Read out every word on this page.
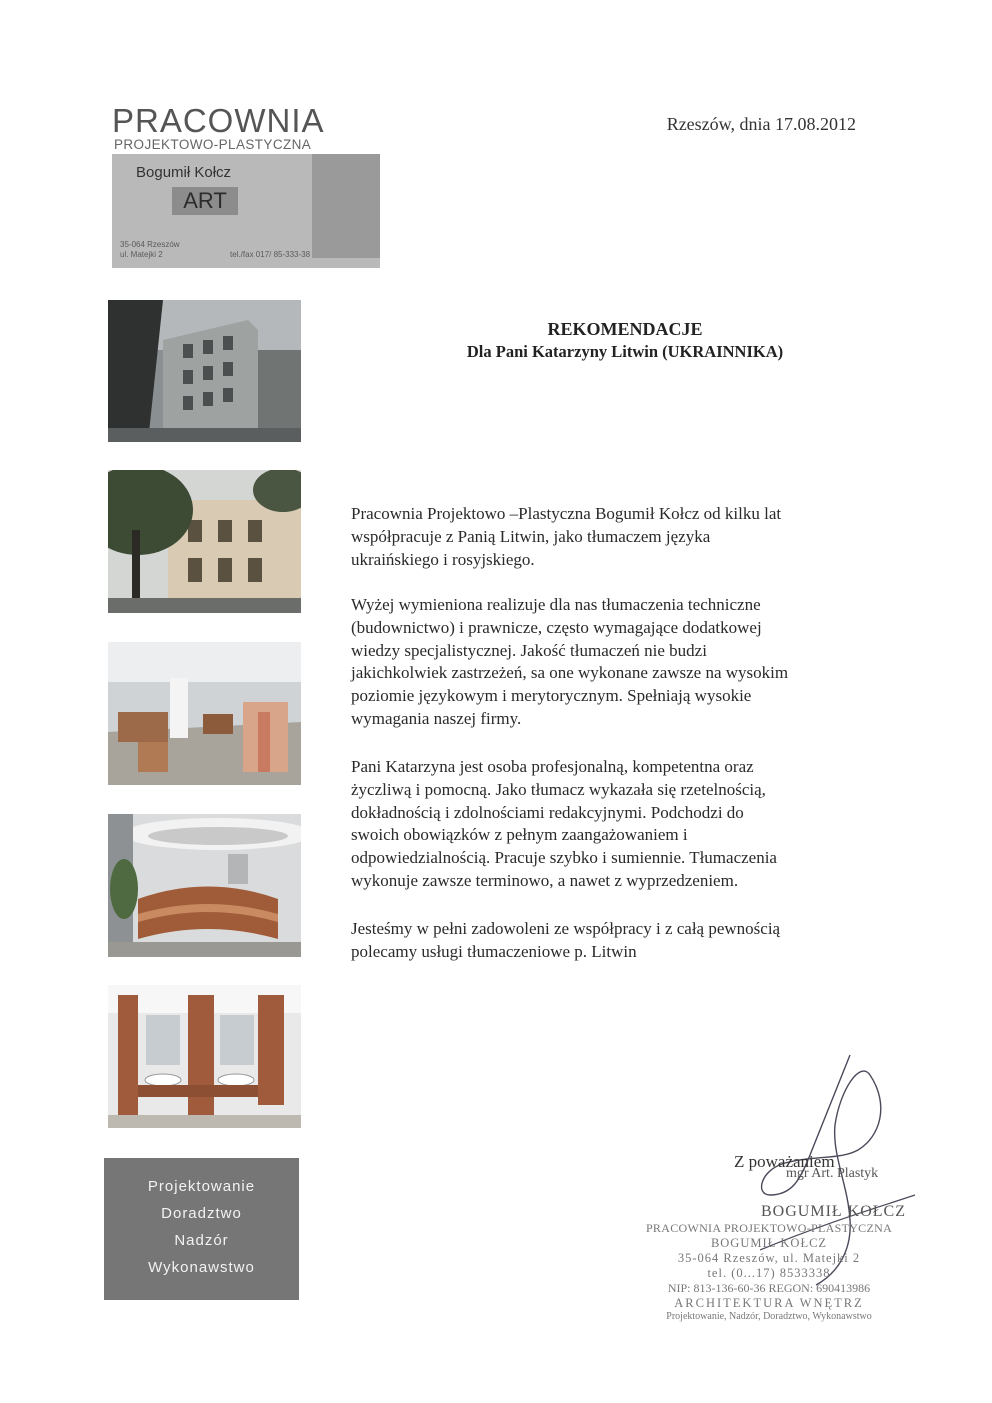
PRACOWNIA
PROJEKTOWO-PLASTYCZNA
Bogumił Kołcz
ART
35-064 Rzeszów
ul. Matejki 2	tel./fax 017/ 85-333-38
Rzeszów, dnia 17.08.2012
Projektowanie
Doradztwo
Nadzór
Wykonawstwo
REKOMENDACJE
Dla Pani Katarzyny Litwin (UKRAINNIKA)

Pracownia Projektowo –Plastyczna Bogumił Kołcz od kilku lat
współpracuje z Panią Litwin, jako tłumaczem języka
ukraińskiego i rosyjskiego.

Wyżej wymieniona realizuje dla nas tłumaczenia techniczne
(budownictwo) i prawnicze, często wymagające dodatkowej
wiedzy specjalistycznej. Jakość tłumaczeń nie budzi
jakichkolwiek zastrzeżeń, sa one wykonane zawsze na wysokim
poziomie językowym i merytorycznym. Spełniają wysokie
wymagania naszej firmy.

Pani Katarzyna jest osoba profesjonalną, kompetentna oraz
życzliwą i pomocną. Jako tłumacz wykazała się rzetelnością,
dokładnością i zdolnościami redakcyjnymi. Podchodzi do
swoich obowiązków z pełnym zaangażowaniem i
odpowiedzialnością. Pracuje szybko i sumiennie. Tłumaczenia
wykonuje zawsze terminowo, a nawet z wyprzedzeniem.

Jesteśmy w pełni zadowoleni ze współpracy i z całą pewnością
polecamy usługi tłumaczeniowe p. Litwin

Z poważaniem
mgr Art. Plastyk
BOGUMIŁ KOŁCZ
PRACOWNIA PROJEKTOWO-PLASTYCZNA
BOGUMIŁ KOŁCZ
35-064 Rzeszów, ul. Matejki 2
tel. (0...17) 8533338
NIP: 813-136-60-36 REGON: 690413986
ARCHITEKTURA WNĘTRZ
Projektowanie, Nadzór, Doradztwo, Wykonawstwo
